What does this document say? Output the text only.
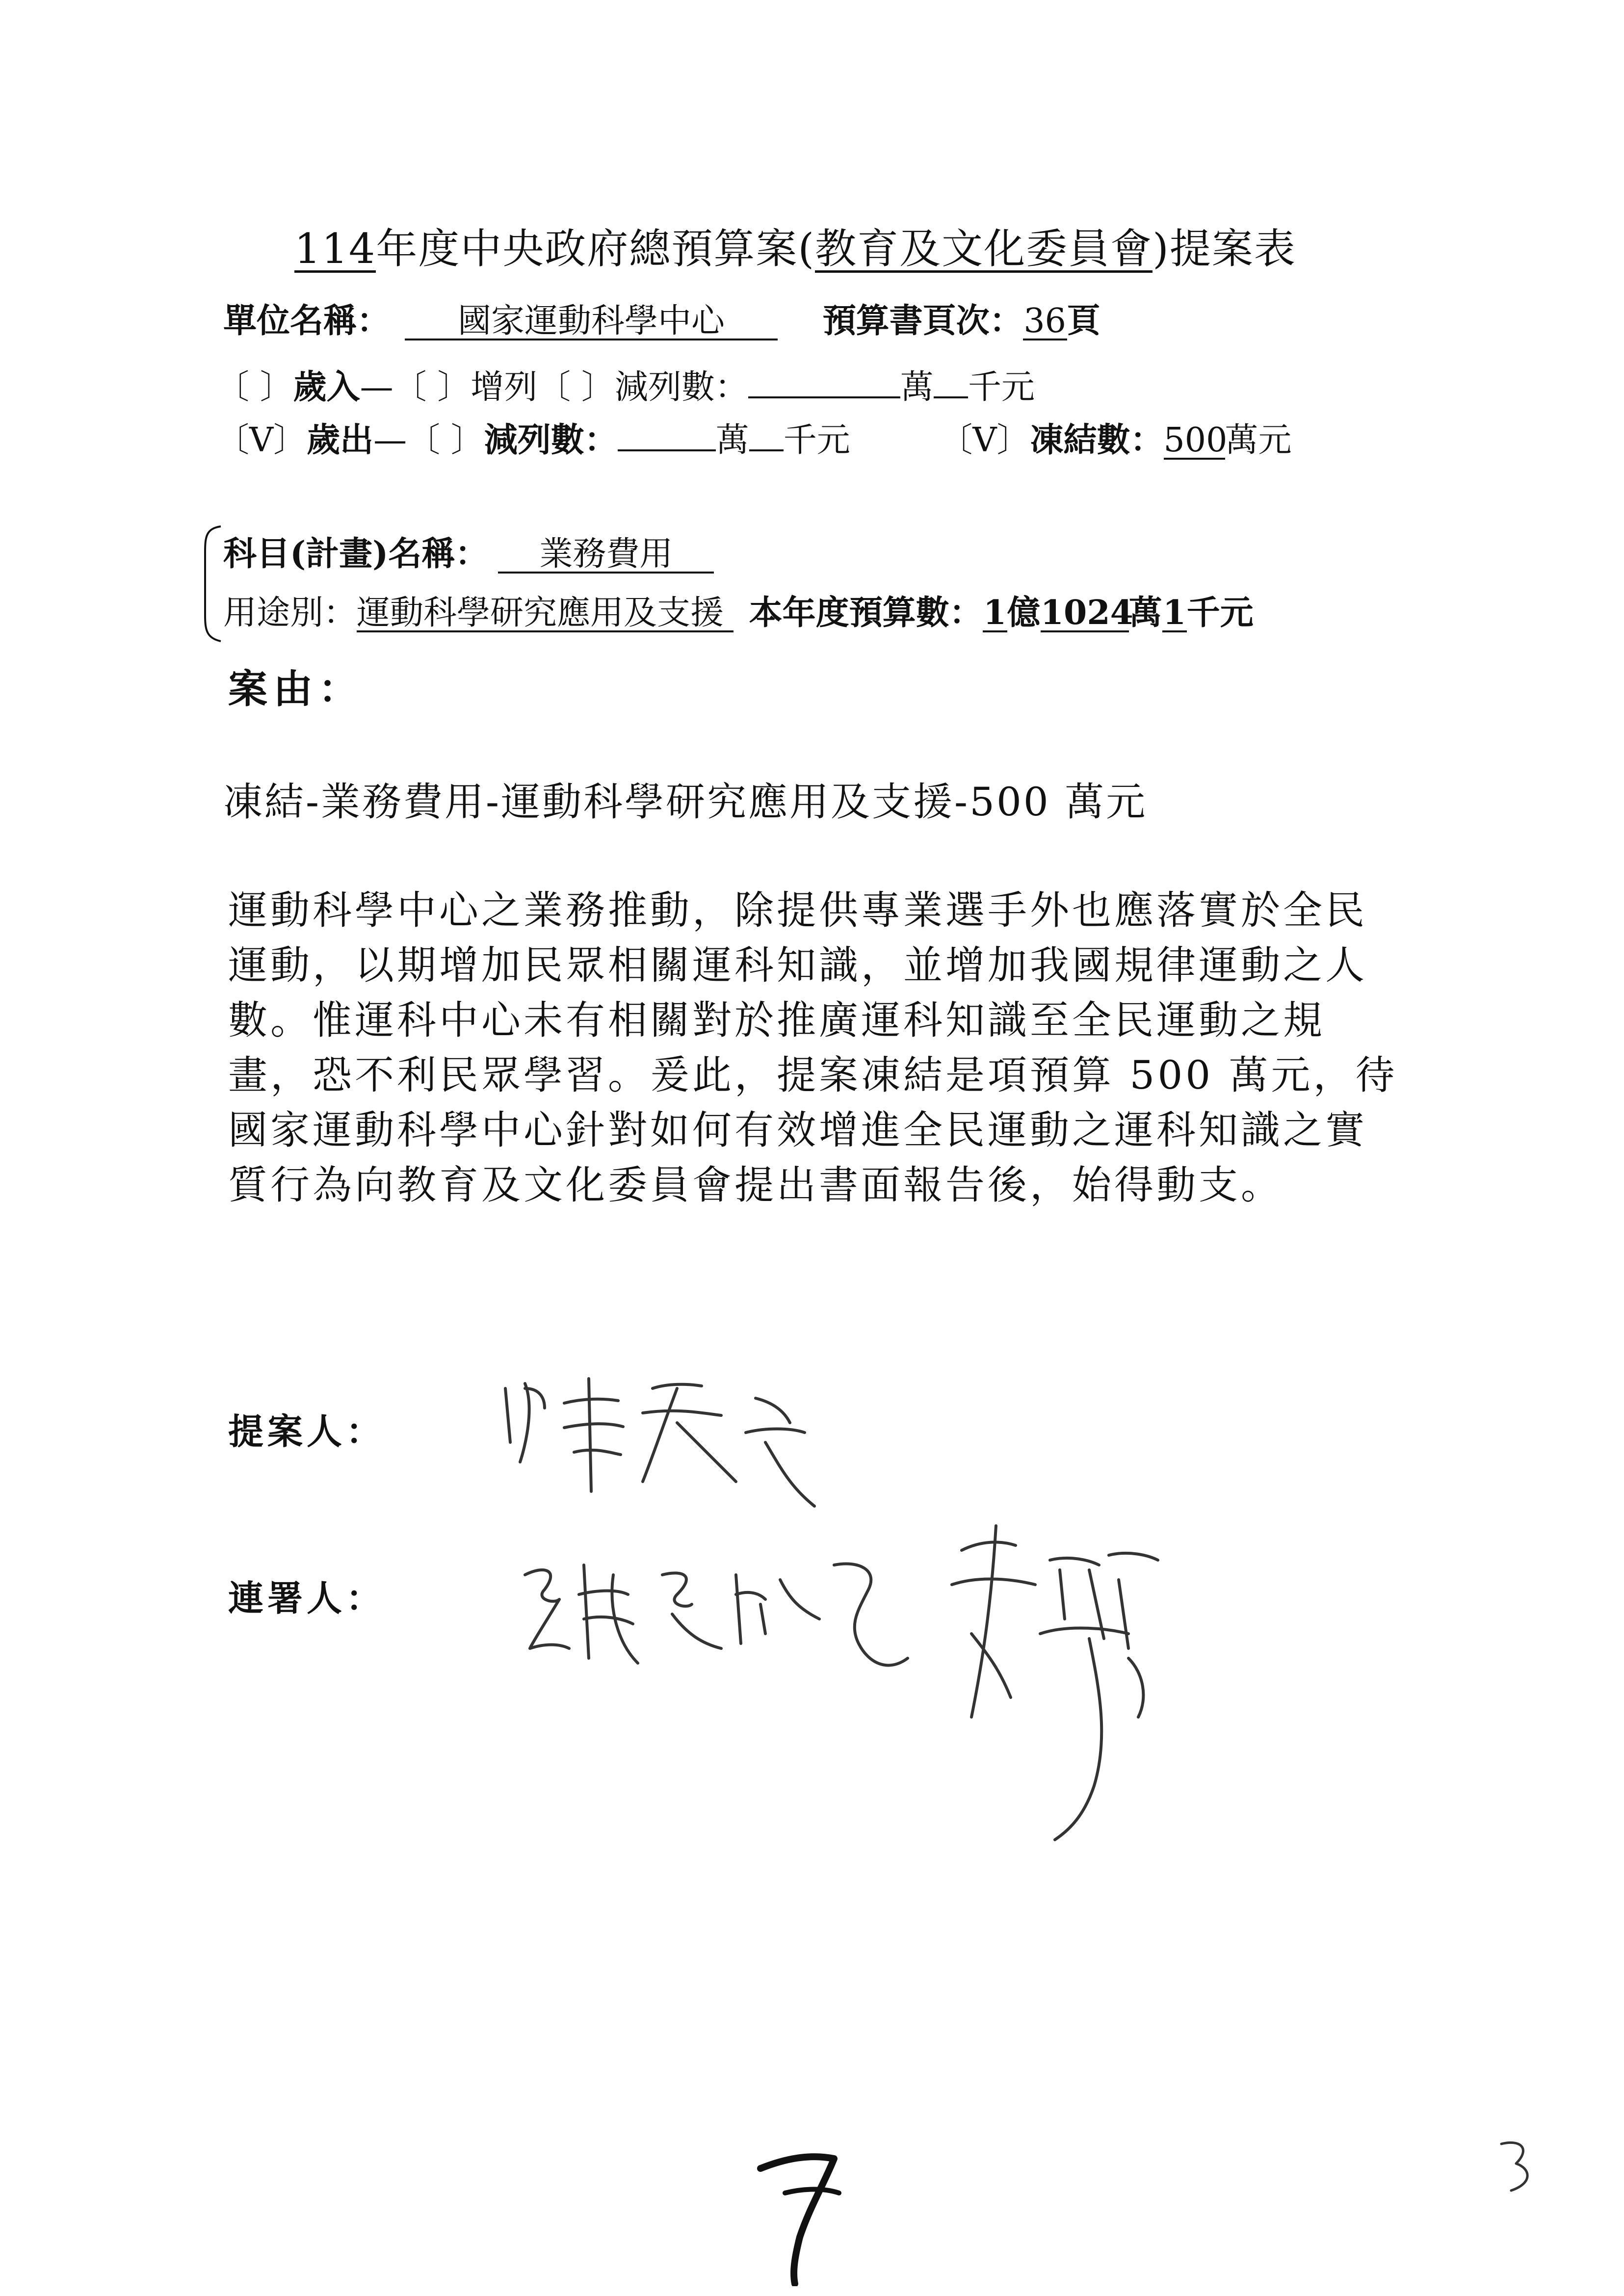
114年度中央政府總預算案(教育及文化委員會)提案表
單位名稱： 國家運動科學中心	預算書頁次：36頁
〔 〕歲入—〔 〕增列〔 〕減列數：	萬 千元
〔V〕歲出—〔 〕減列數：	萬 千元	〔V〕凍結數：500萬元
科目(計畫)名稱： 業務費用
用途別：運動科學研究應用及支援 本年度預算數：1億1024萬1千元
案由：
凍結-業務費用-運動科學研究應用及支援-500 萬元
運動科學中心之業務推動，除提供專業選手外也應落實於全民
運動，以期增加民眾相關運科知識，並增加我國規律運動之人
數。惟運科中心未有相關對於推廣運科知識至全民運動之規
畫，恐不利民眾學習。爰此，提案凍結是項預算 500 萬元，待
國家運動科學中心針對如何有效增進全民運動之運科知識之實
質行為向教育及文化委員會提出書面報告後，始得動支。
提案人：
連署人：
